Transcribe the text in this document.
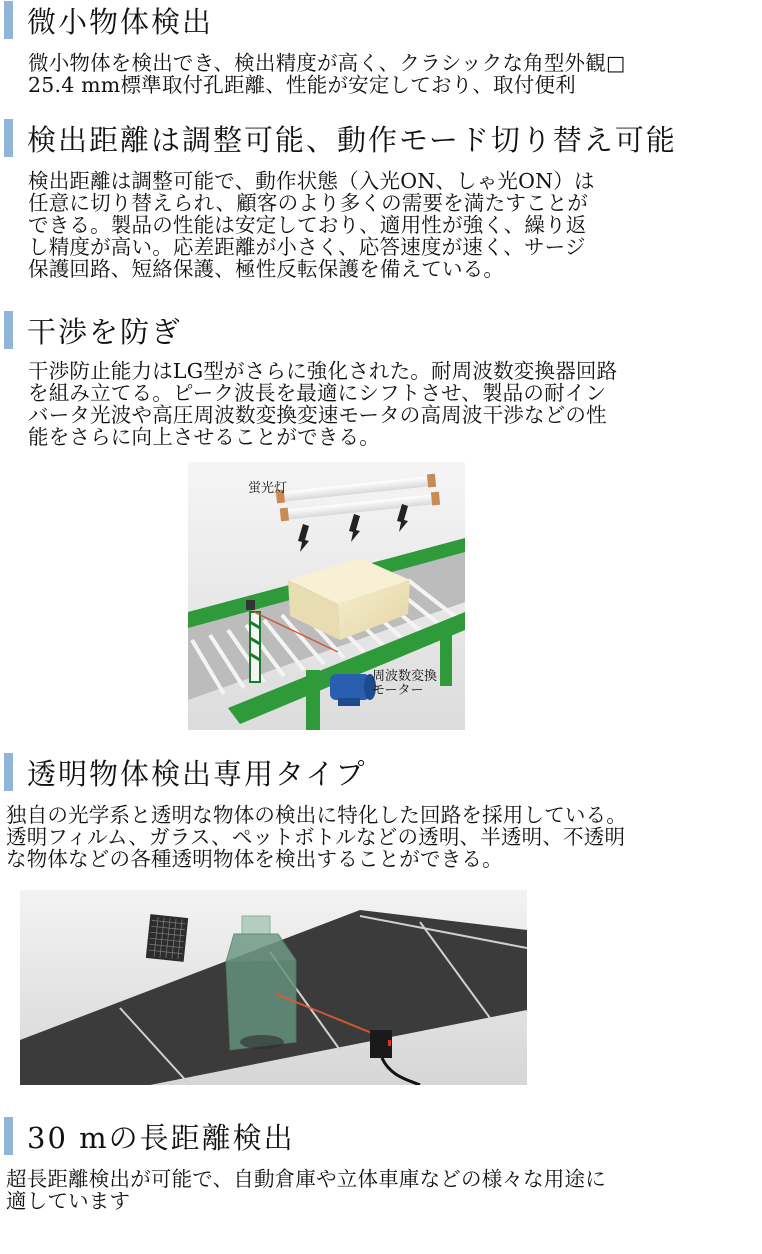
微小物体検出
微小物体を検出でき、検出精度が高く、クラシックな角型外観□
25.4 mm標準取付孔距離、性能が安定しており、取付便利
検出距離は調整可能、動作モード切り替え可能
検出距離は調整可能で、動作状態（入光ON、しゃ光ON）は
任意に切り替えられ、顧客のより多くの需要を満たすことが
できる。製品の性能は安定しており、適用性が強く、繰り返
し精度が高い。応差距離が小さく、応答速度が速く、サージ
保護回路、短絡保護、極性反転保護を備えている。
干渉を防ぎ
干渉防止能力はLG型がさらに強化された。耐周波数変換器回路
を組み立てる。ピーク波長を最適にシフトさせ、製品の耐イン
バータ光波や高圧周波数変換変速モータの高周波干渉などの性
能をさらに向上させることができる。
蛍光灯
周波数変換
モーター
透明物体検出専用タイプ
独自の光学系と透明な物体の検出に特化した回路を採用している。
透明フィルム、ガラス、ペットボトルなどの透明、半透明、不透明
な物体などの各種透明物体を検出することができる。
30 mの長距離検出
超長距離検出が可能で、自動倉庫や立体車庫などの様々な用途に
適しています
